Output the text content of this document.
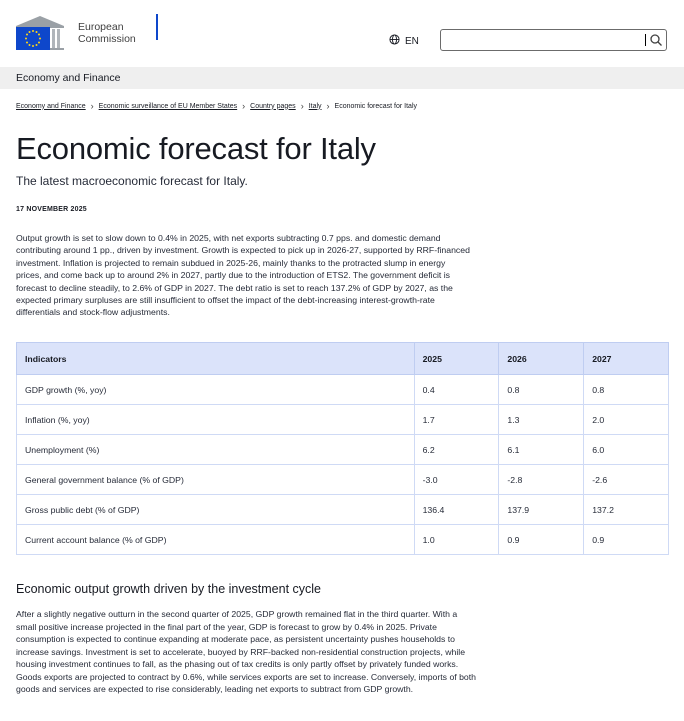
European
Commission	EN
Economy and Finance
Economy and Finance › Economic surveillance of EU Member States › Country pages › Italy › Economic forecast for Italy
Economic forecast for Italy
The latest macroeconomic forecast for Italy.
17 NOVEMBER 2025

Output growth is set to slow down to 0.4% in 2025, with net exports subtracting 0.7 pps. and domestic demand contributing around 1 pp., driven by investment. Growth is expected to pick up in 2026-27, supported by RRF-financed investment. Inflation is projected to remain subdued in 2025-26, mainly thanks to the protracted slump in energy prices, and come back up to around 2% in 2027, partly due to the introduction of ETS2. The government deficit is forecast to decline steadily, to 2.6% of GDP in 2027. The debt ratio is set to reach 137.2% of GDP by 2027, as the expected primary surpluses are still insufficient to offset the impact of the debt-increasing interest-growth-rate differentials and stock-flow adjustments.

Indicators	2025	2026	2027
GDP growth (%, yoy)	0.4	0.8	0.8
Inflation (%, yoy)	1.7	1.3	2.0
Unemployment (%)	6.2	6.1	6.0
General government balance (% of GDP)	-3.0	-2.8	-2.6
Gross public debt (% of GDP)	136.4	137.9	137.2
Current account balance (% of GDP)	1.0	0.9	0.9
Economic output growth driven by the investment cycle

After a slightly negative outturn in the second quarter of 2025, GDP growth remained flat in the third quarter. With a small positive increase projected in the final part of the year, GDP is forecast to grow by 0.4% in 2025. Private consumption is expected to continue expanding at moderate pace, as persistent uncertainty pushes households to increase savings. Investment is set to accelerate, buoyed by RRF-backed non-residential construction projects, while housing investment continues to fall, as the phasing out of tax credits is only partly offset by privately funded works. Goods exports are projected to contract by 0.6%, while services exports are set to increase. Conversely, imports of both goods and services are expected to rise considerably, leading net exports to subtract from GDP growth.
